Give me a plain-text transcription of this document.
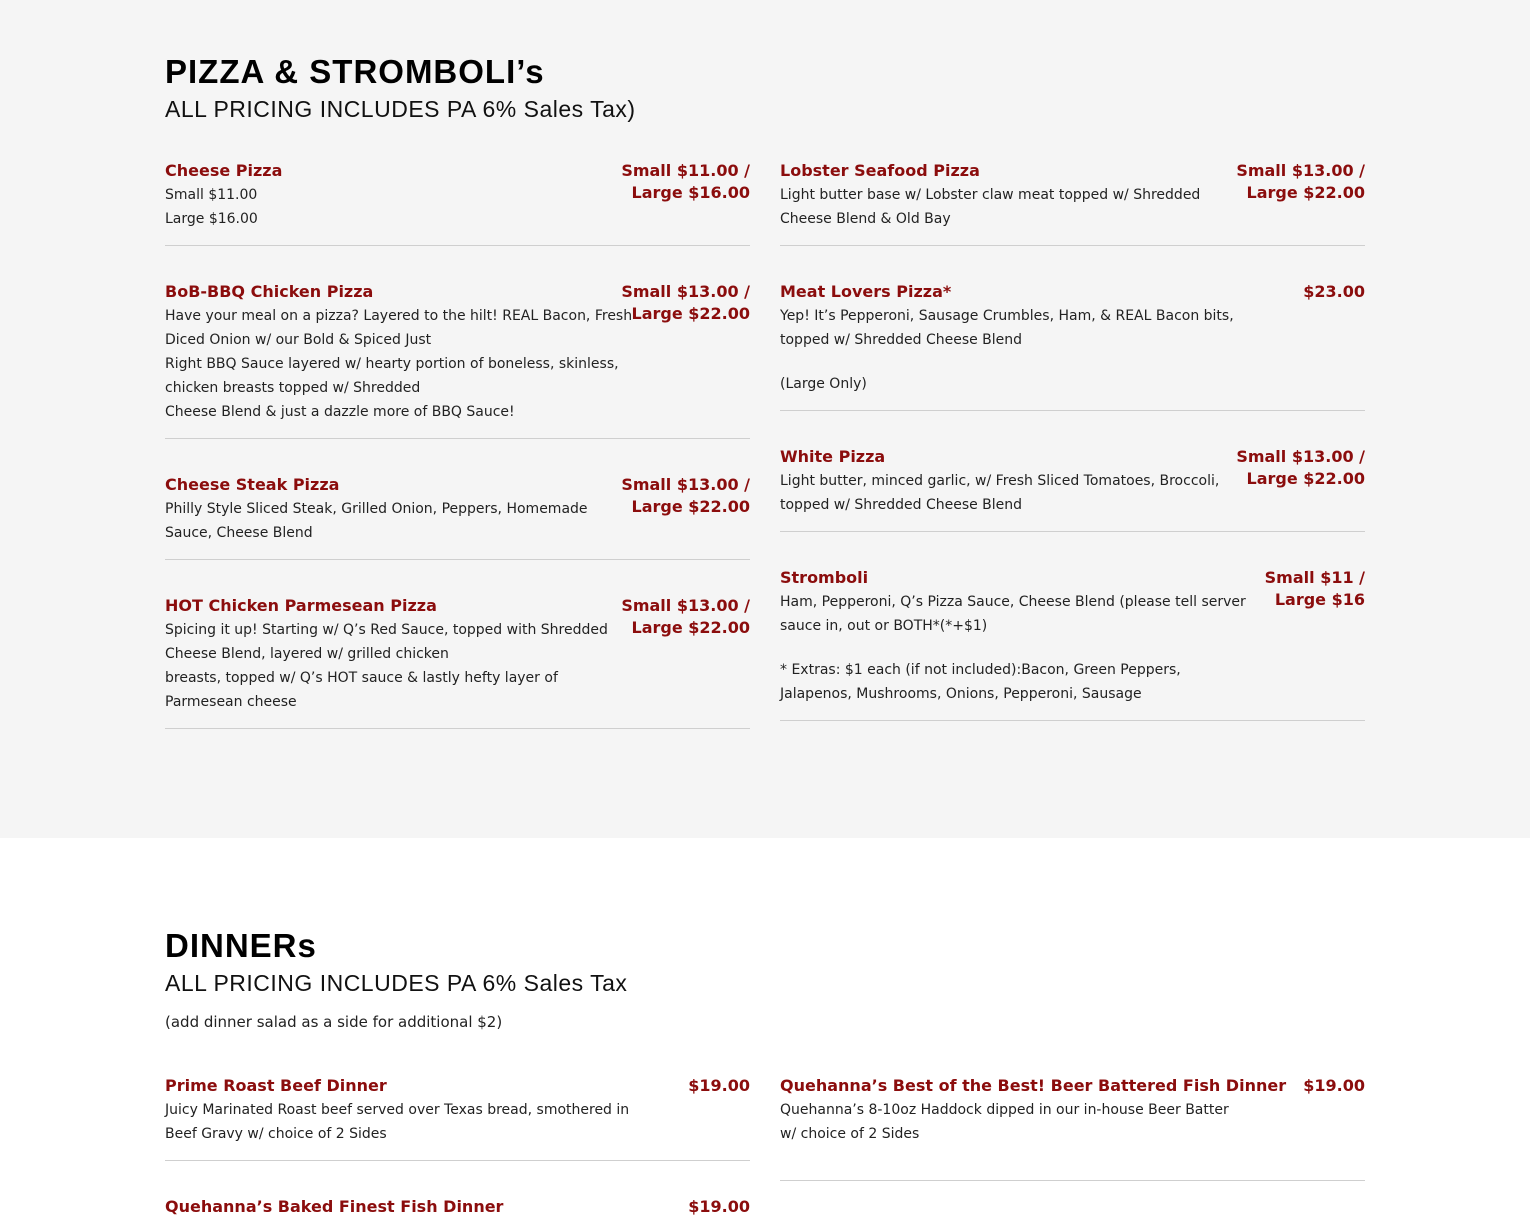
PIZZA & STROMBOLI’s
ALL PRICING INCLUDES PA 6% Sales Tax)
Cheese Pizza	Small $11.00 /
Large $16.00
Small $11.00
Large $16.00
BoB-BBQ Chicken Pizza	Small $13.00 /
Large $22.00
Have your meal on a pizza? Layered to the hilt! REAL Bacon, Fresh
Diced Onion w/ our Bold & Spiced Just
Right BBQ Sauce layered w/ hearty portion of boneless, skinless,
chicken breasts topped w/ Shredded
Cheese Blend & just a dazzle more of BBQ Sauce!
Cheese Steak Pizza	Small $13.00 /
Large $22.00
Philly Style Sliced Steak, Grilled Onion, Peppers, Homemade
Sauce, Cheese Blend
HOT Chicken Parmesean Pizza	Small $13.00 /
Large $22.00
Spicing it up! Starting w/ Q’s Red Sauce, topped with Shredded
Cheese Blend, layered w/ grilled chicken
breasts, topped w/ Q’s HOT sauce & lastly hefty layer of
Parmesean cheese
Lobster Seafood Pizza	Small $13.00 /
Large $22.00
Light butter base w/ Lobster claw meat topped w/ Shredded
Cheese Blend & Old Bay
Meat Lovers Pizza*	$23.00
Yep! It’s Pepperoni, Sausage Crumbles, Ham, & REAL Bacon bits,
topped w/ Shredded Cheese Blend
(Large Only)
White Pizza	Small $13.00 /
Large $22.00
Light butter, minced garlic, w/ Fresh Sliced Tomatoes, Broccoli,
topped w/ Shredded Cheese Blend
Stromboli	Small $11 /
Large $16
Ham, Pepperoni, Q’s Pizza Sauce, Cheese Blend (please tell server
sauce in, out or BOTH*(*+$1)
* Extras: $1 each (if not included):Bacon, Green Peppers,
Jalapenos, Mushrooms, Onions, Pepperoni, Sausage
DINNERs
ALL PRICING INCLUDES PA 6% Sales Tax
(add dinner salad as a side for additional $2)
Prime Roast Beef Dinner	$19.00
Juicy Marinated Roast beef served over Texas bread, smothered in
Beef Gravy w/ choice of 2 Sides
Quehanna’s Best of the Best! Beer Battered Fish Dinner $19.00
Quehanna’s 8-10oz Haddock dipped in our in-house Beer Batter
w/ choice of 2 Sides
Quehanna’s Baked Finest Fish Dinner	$19.00
